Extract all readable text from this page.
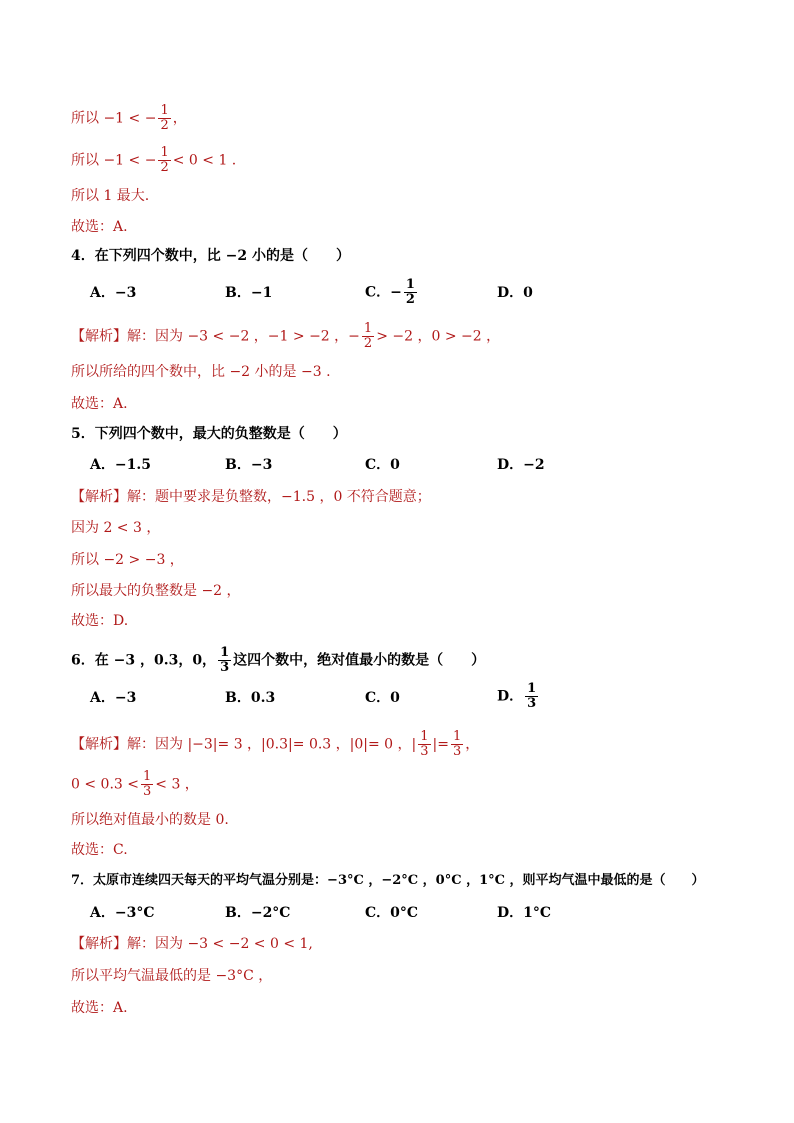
所以 −1 < − $\frac{1}{2}$ ，
所以 −1 < − $\frac{1}{2} < 0 < 1$ .
所以 1 最大.
故选：A.
4．在下列四个数中，比 −2 小的是（　　）
A．−3	B．−1	C．− $\frac{1}{2}$	D．0
【解析】解：因为 −3 < −2 ，−1 > −2 ，− $\frac{1}{2} > -2$ ，0 > −2 ，
所以所给的四个数中，比 −2 小的是 −3 .
故选：A.
5．下列四个数中，最大的负整数是（　　）
A．−1.5	B．−3	C．0	D．−2
【解析】解：题中要求是负整数，−1.5 ，0 不符合题意；
因为 2 < 3 ，
所以 −2 > −3 ，
所以最大的负整数是 −2 ，
故选：D.
6．在 −3 ，0.3，0， $\frac{1}{3}$ 这四个数中，绝对值最小的数是（　　）
A．−3	B．0.3	C．0	D． $\frac{1}{3}$
【解析】解：因为 |−3|= 3 ，|0.3|= 0.3 ，|0|= 0 ，| $\frac{1}{3}$ |= $\frac{1}{3}$ ，
$0 < 0.3 < \frac{1}{3} < 3$ ，
所以绝对值最小的数是 0.
故选：C.
7．太原市连续四天每天的平均气温分别是：−3°C ，−2°C ，0°C ，1°C ，则平均气温中最低的是（　　）
A．−3°C	B．−2°C	C．0°C	D．1°C
【解析】解：因为 −3 < −2 < 0 < 1,
所以平均气温最低的是 −3°C ，
故选：A.
